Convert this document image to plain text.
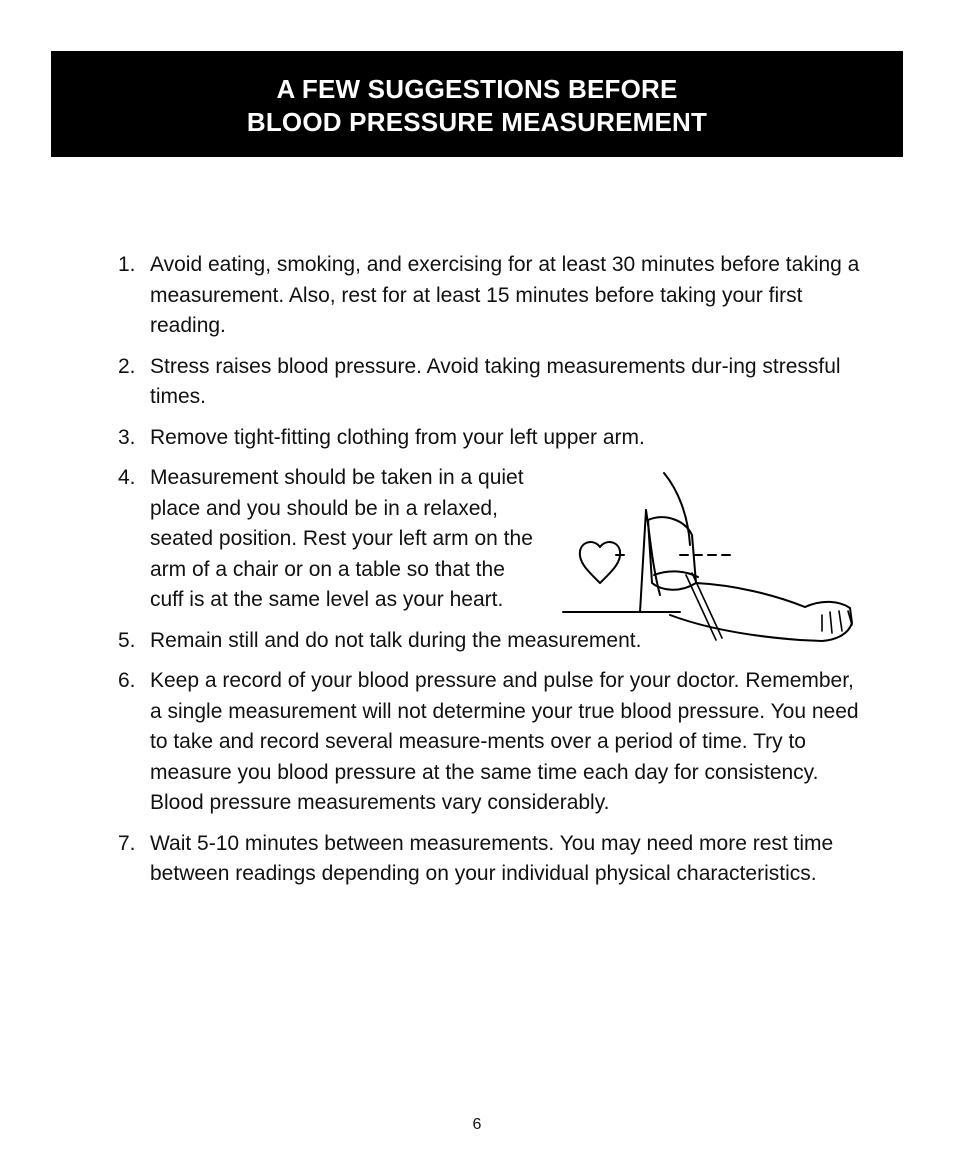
A FEW SUGGESTIONS BEFORE
BLOOD PRESSURE MEASUREMENT
1. Avoid eating, smoking, and exercising for at least 30 minutes before taking a measurement. Also, rest for at least 15 minutes before taking your first reading.
2. Stress raises blood pressure. Avoid taking measurements dur-ing stressful times.
3. Remove tight-fitting clothing from your left upper arm.
4. Measurement should be taken in a quiet place and you should be in a relaxed, seated position. Rest your left arm on the arm of a chair or on a table so that the cuff is at the same level as your heart.
5. Remain still and do not talk during the measurement.
6. Keep a record of your blood pressure and pulse for your doctor. Remember, a single measurement will not determine your true blood pressure. You need to take and record several measure-ments over a period of time. Try to measure you blood pressure at the same time each day for consistency. Blood pressure measurements vary considerably.
7. Wait 5-10 minutes between measurements. You may need more rest time between readings depending on your individual physical characteristics.
6
